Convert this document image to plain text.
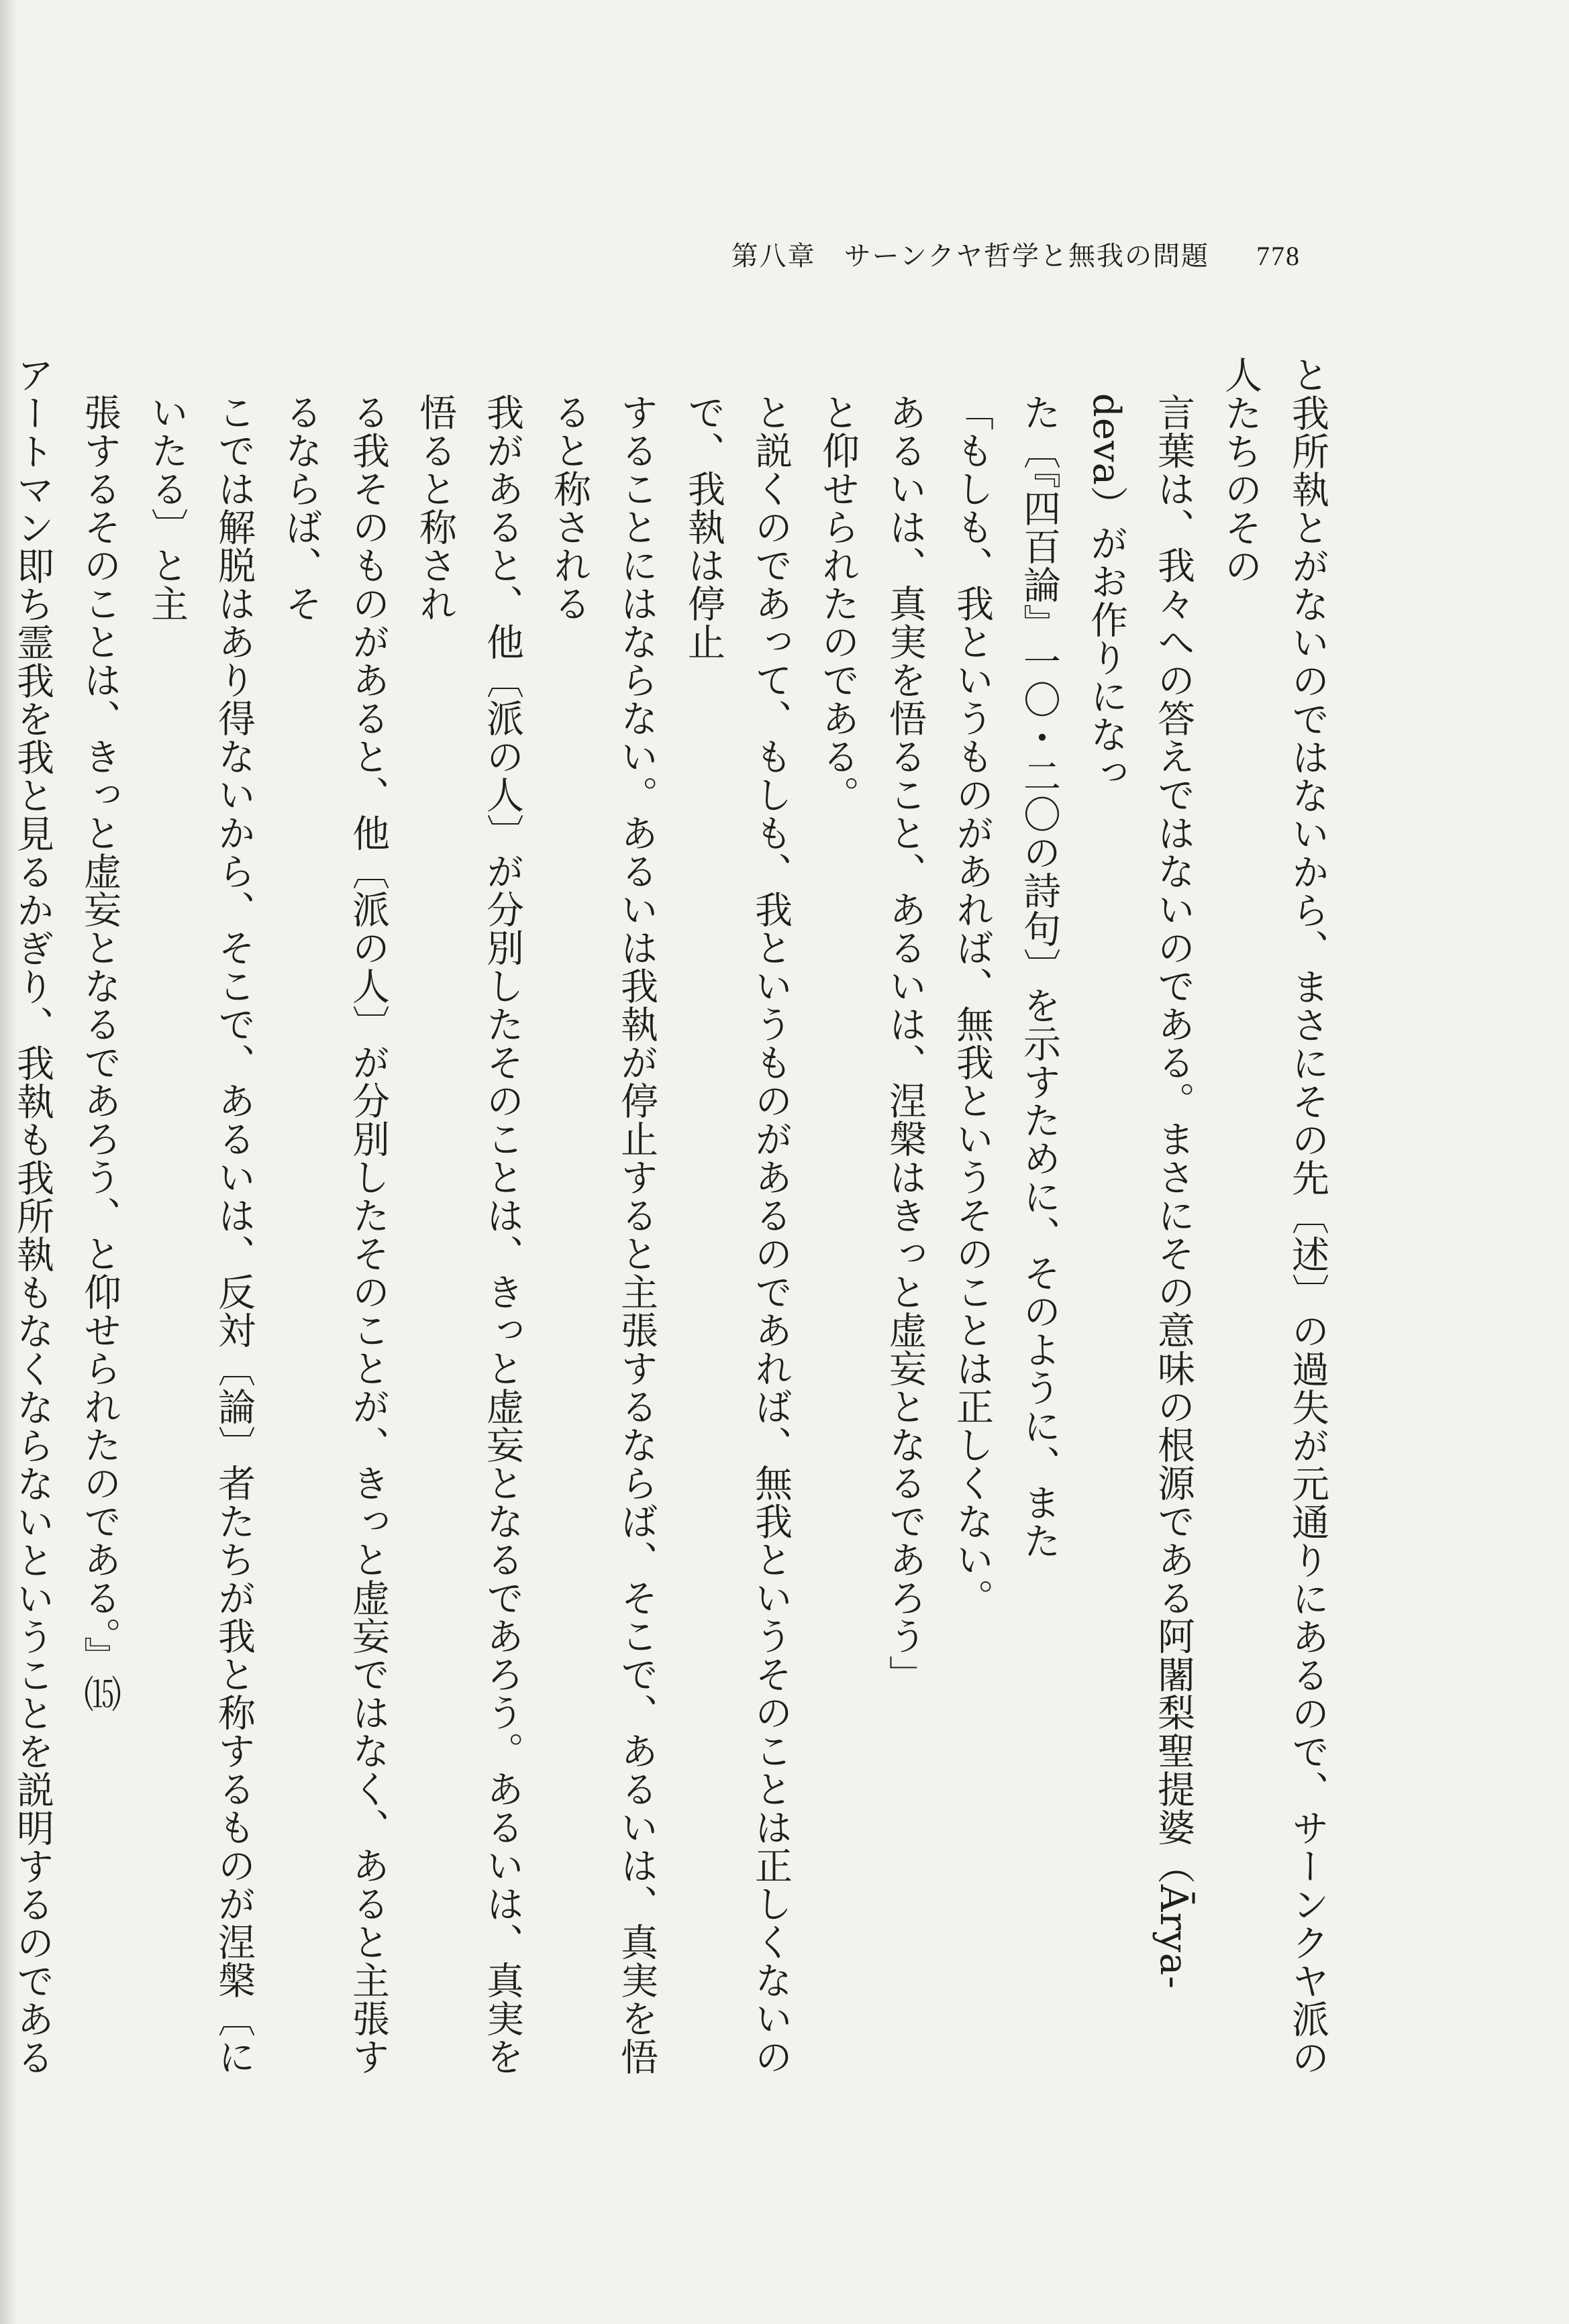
第八章　サーンクヤ哲学と無我の問題 778

と我所執とがないのではないから、まさにその先〔述〕の過失が元通りにあるので、サーンクヤ派の人たちのその

言葉は、我々への答えではないのである。まさにその意味の根源である阿闍梨聖提婆（Ārya-deva）がお作りになっ

た〔『四百論』一〇・二〇の詩句〕を示すために、そのように、また

「もしも、我というものがあれば、無我というそのことは正しくない。

あるいは、真実を悟ること、あるいは、涅槃はきっと虚妄となるであろう」

と仰せられたのである。

と説くのであって、もしも、我というものがあるのであれば、無我というそのことは正しくないので、我執は停止

することにはならない。あるいは我執が停止すると主張するならば、そこで、あるいは、真実を悟ると称される

我があると、他〔派の人〕が分別したそのことは、きっと虚妄となるであろう。あるいは、真実を悟ると称され

る我そのものがあると、他〔派の人〕が分別したそのことが、きっと虚妄ではなく、あると主張するならば、そ

こでは解脱はあり得ないから、そこで、あるいは、反対〔論〕者たちが我と称するものが涅槃〔にいたる〕と主

張するそのことは、きっと虚妄となるであろう、と仰せられたのである。』⒂

アートマン即ち霊我を我と見るかぎり、我執も我所執もなくならないということを説明するのである
